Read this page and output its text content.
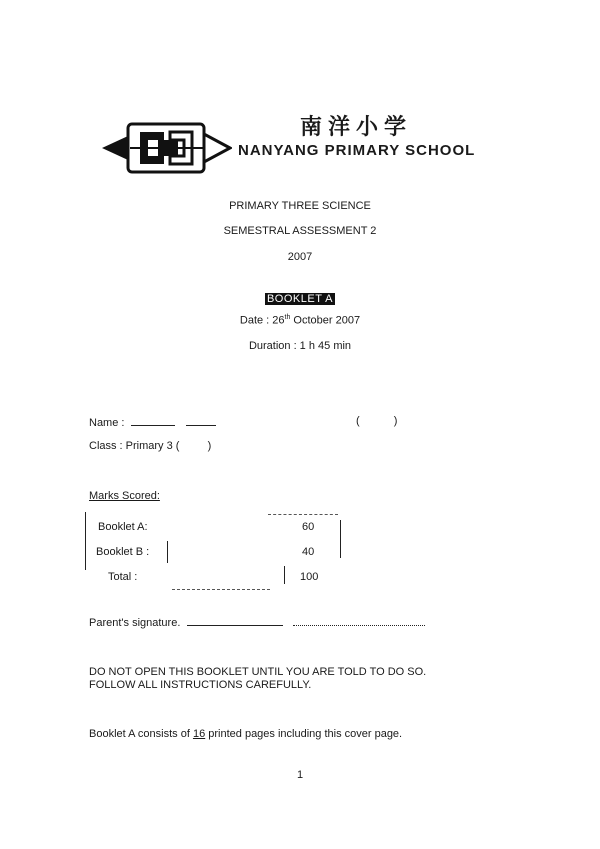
南洋小学
NANYANG PRIMARY SCHOOL
PRIMARY THREE SCIENCE
SEMESTRAL ASSESSMENT 2
2007
BOOKLET A
Date : 26th October 2007
Duration : 1 h 45 min
Name :	(	)
Class : Primary 3 (	)
Marks Scored:
Booklet A:	60
Booklet B :	40
Total :	100
Parent's signature.
DO NOT OPEN THIS BOOKLET UNTIL YOU ARE TOLD TO DO SO.
FOLLOW ALL INSTRUCTIONS CAREFULLY.
Booklet A consists of 16 printed pages including this cover page.
1
